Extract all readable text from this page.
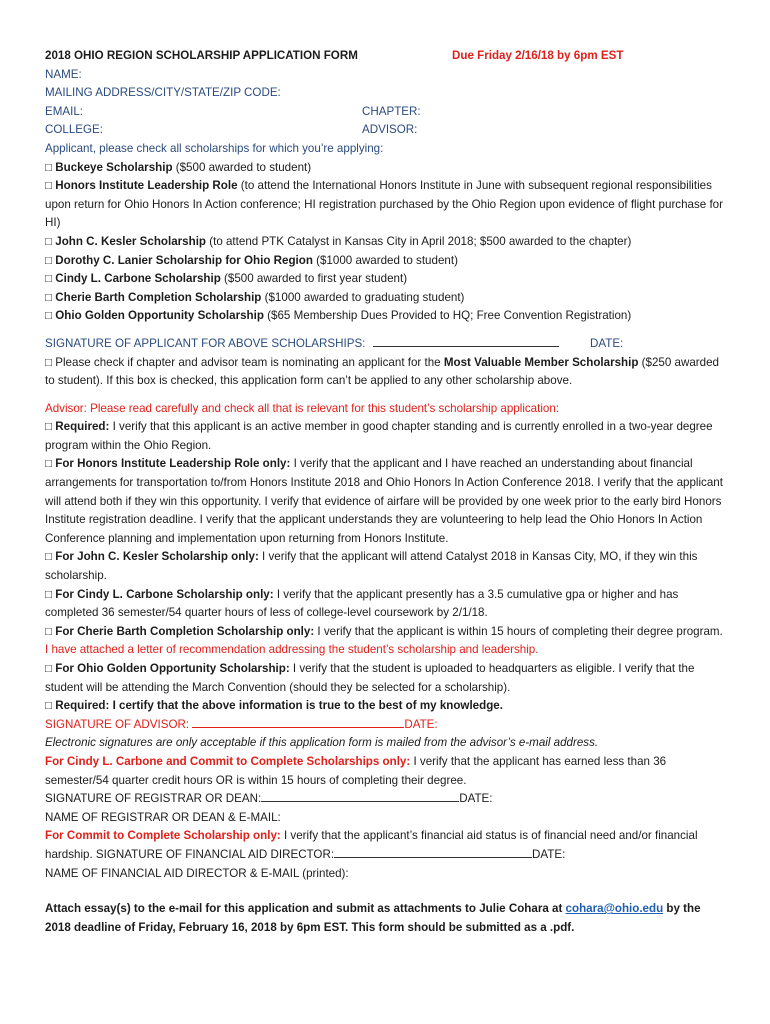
2018 OHIO REGION SCHOLARSHIP APPLICATION FORM	Due Friday 2/16/18 by 6pm EST
NAME:
MAILING ADDRESS/CITY/STATE/ZIP CODE:
EMAIL:	CHAPTER:
COLLEGE:	ADVISOR:
Applicant, please check all scholarships for which you’re applying:
□ Buckeye Scholarship ($500 awarded to student)
□ Honors Institute Leadership Role (to attend the International Honors Institute in June with subsequent regional responsibilities upon return for Ohio Honors In Action conference; HI registration purchased by the Ohio Region upon evidence of flight purchase for HI)
□ John C. Kesler Scholarship (to attend PTK Catalyst in Kansas City in April 2018; $500 awarded to the chapter)
□ Dorothy C. Lanier Scholarship for Ohio Region ($1000 awarded to student)
□ Cindy L. Carbone Scholarship ($500 awarded to first year student)
□ Cherie Barth Completion Scholarship ($1000 awarded to graduating student)
□ Ohio Golden Opportunity Scholarship ($65 Membership Dues Provided to HQ; Free Convention Registration)
SIGNATURE OF APPLICANT FOR ABOVE SCHOLARSHIPS:	DATE:
□ Please check if chapter and advisor team is nominating an applicant for the Most Valuable Member Scholarship ($250 awarded to student). If this box is checked, this application form can’t be applied to any other scholarship above.
Advisor: Please read carefully and check all that is relevant for this student’s scholarship application:
□ Required: I verify that this applicant is an active member in good chapter standing and is currently enrolled in a two-year degree program within the Ohio Region.
□ For Honors Institute Leadership Role only: I verify that the applicant and I have reached an understanding about financial arrangements for transportation to/from Honors Institute 2018 and Ohio Honors In Action Conference 2018. I verify that the applicant will attend both if they win this opportunity. I verify that evidence of airfare will be provided by one week prior to the early bird Honors Institute registration deadline. I verify that the applicant understands they are volunteering to help lead the Ohio Honors In Action Conference planning and implementation upon returning from Honors Institute.
□ For John C. Kesler Scholarship only: I verify that the applicant will attend Catalyst 2018 in Kansas City, MO, if they win this scholarship.
□ For Cindy L. Carbone Scholarship only: I verify that the applicant presently has a 3.5 cumulative gpa or higher and has completed 36 semester/54 quarter hours of less of college-level coursework by 2/1/18.
□ For Cherie Barth Completion Scholarship only: I verify that the applicant is within 15 hours of completing their degree program. I have attached a letter of recommendation addressing the student’s scholarship and leadership.
□ For Ohio Golden Opportunity Scholarship: I verify that the student is uploaded to headquarters as eligible. I verify that the student will be attending the March Convention (should they be selected for a scholarship).
□ Required: I certify that the above information is true to the best of my knowledge.
SIGNATURE OF ADVISOR:	DATE:
Electronic signatures are only acceptable if this application form is mailed from the advisor’s e-mail address.
For Cindy L. Carbone and Commit to Complete Scholarships only: I verify that the applicant has earned less than 36 semester/54 quarter credit hours OR is within 15 hours of completing their degree.
SIGNATURE OF REGISTRAR OR DEAN:	DATE:
NAME OF REGISTRAR OR DEAN & E-MAIL:
For Commit to Complete Scholarship only: I verify that the applicant’s financial aid status is of financial need and/or financial hardship. SIGNATURE OF FINANCIAL AID DIRECTOR:	DATE:
NAME OF FINANCIAL AID DIRECTOR & E-MAIL (printed):
Attach essay(s) to the e-mail for this application and submit as attachments to Julie Cohara at cohara@ohio.edu by the 2018 deadline of Friday, February 16, 2018 by 6pm EST. This form should be submitted as a .pdf.
